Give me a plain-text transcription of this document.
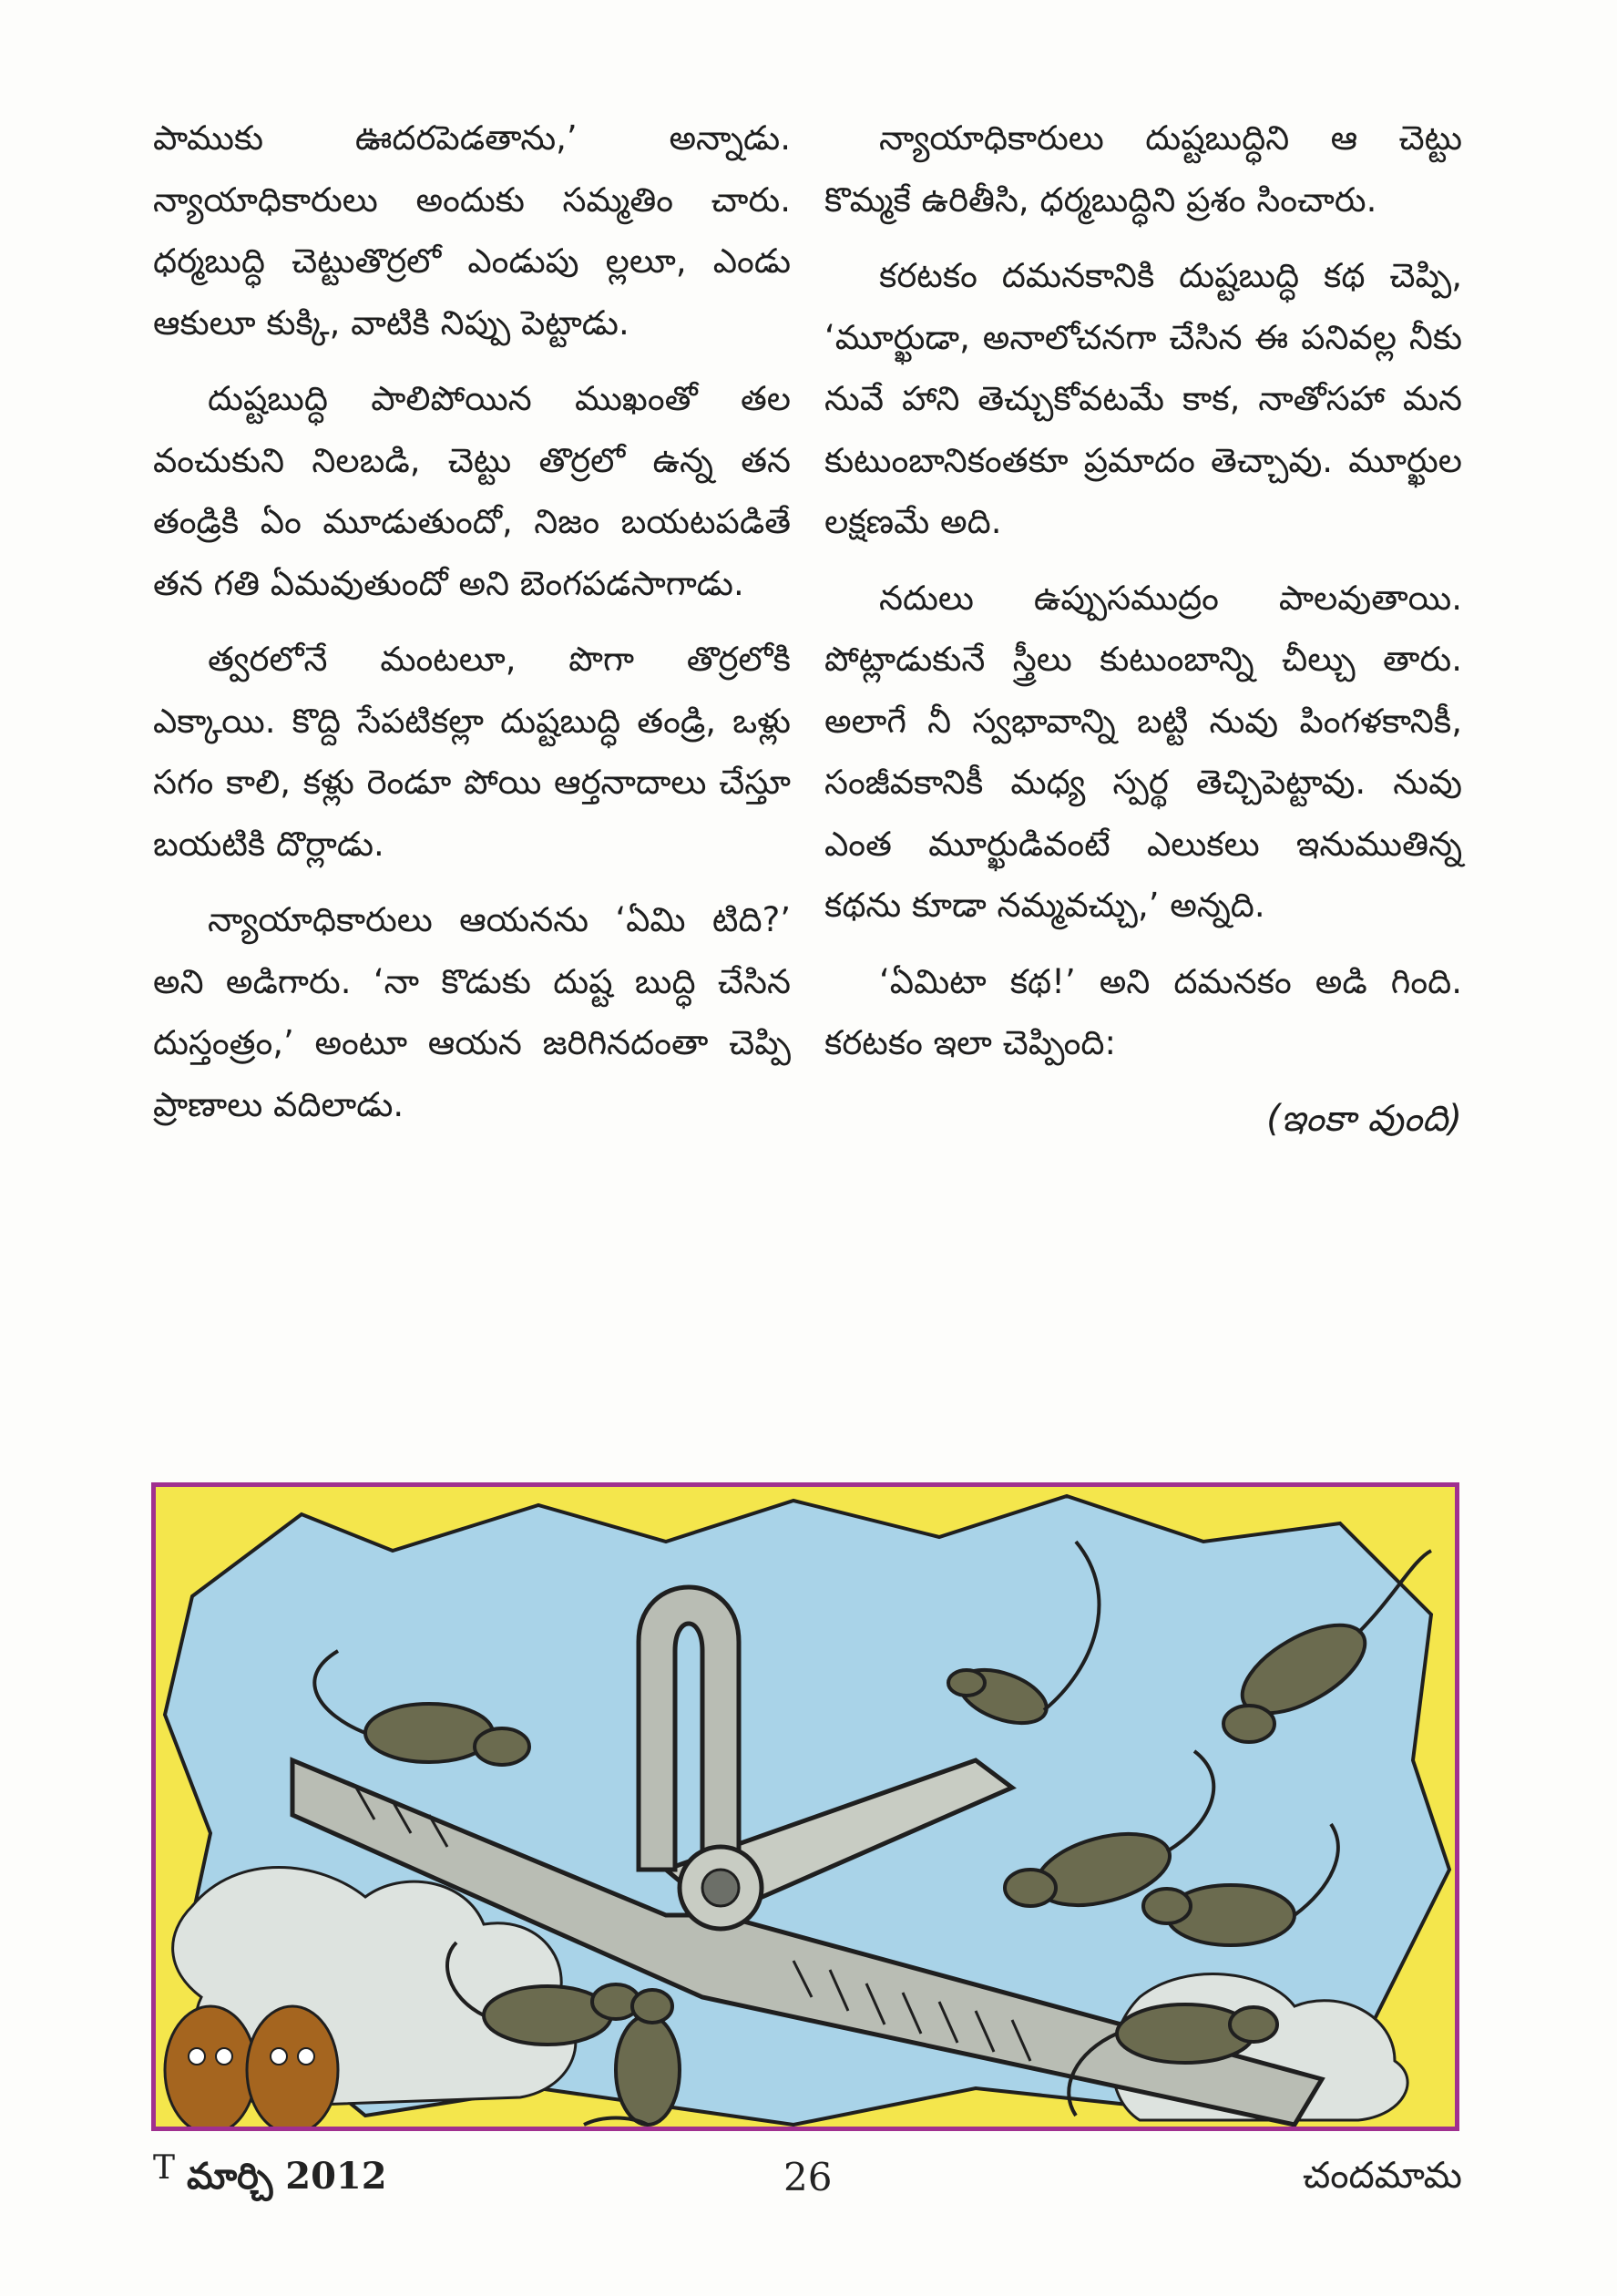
పాముకు ఊదరపెడతాను,’ అన్నాడు. న్యాయాధికారులు అందుకు సమ్మతిం చారు. ధర్మబుద్ధి చెట్టుతొర్రలో ఎండుపు ల్లలూ, ఎండు ఆకులూ కుక్కి, వాటికి నిప్పు పెట్టాడు.

దుష్టబుద్ధి పాలిపోయిన ముఖంతో తల వంచుకుని నిలబడి, చెట్టు తొర్రలో ఉన్న తన తండ్రికి ఏం మూడుతుందో, నిజం బయటపడితే తన గతి ఏమవుతుందో అని బెంగపడసాగాడు.

త్వరలోనే మంటలూ, పొగా తొర్రలోకి ఎక్కాయి. కొద్ది సేపటికల్లా దుష్టబుద్ధి తండ్రి, ఒళ్లు సగం కాలి, కళ్లు రెండూ పోయి ఆర్తనాదాలు చేస్తూ బయటికి దొర్లాడు.

న్యాయాధికారులు ఆయనను ‘ఏమి టిది?’ అని అడిగారు. ‘నా కొడుకు దుష్ట బుద్ధి చేసిన దుస్తంత్రం,’ అంటూ ఆయన జరిగినదంతా చెప్పి ప్రాణాలు వదిలాడు.

న్యాయాధికారులు దుష్టబుద్ధిని ఆ చెట్టు కొమ్మకే ఉరితీసి, ధర్మబుద్ధిని ప్రశం సించారు.

కరటకం దమనకానికి దుష్టబుద్ధి కథ చెప్పి, ‘మూర్ఖుడా, అనాలోచనగా చేసిన ఈ పనివల్ల నీకు నువే హాని తెచ్చుకోవటమే కాక, నాతోసహా మన కుటుంబానికంతకూ ప్రమాదం తెచ్చావు. మూర్ఖుల లక్షణమే అది.

నదులు ఉప్పుసముద్రం పాలవుతాయి. పోట్లాడుకునే స్త్రీలు కుటుంబాన్ని చీల్చు తారు. అలాగే నీ స్వభావాన్ని బట్టి నువు పింగళకానికీ, సంజీవకానికీ మధ్య స్పర్థ తెచ్చిపెట్టావు. నువు ఎంత మూర్ఖుడివంటే ఎలుకలు ఇనుముతిన్న కథను కూడా నమ్మవచ్చు,’ అన్నది.

‘ఏమిటా కథ!’ అని దమనకం అడి గింది. కరటకం ఇలా చెప్పింది:

(ఇంకా వుంది)

T మార్చి 2012	26	చందమామ
